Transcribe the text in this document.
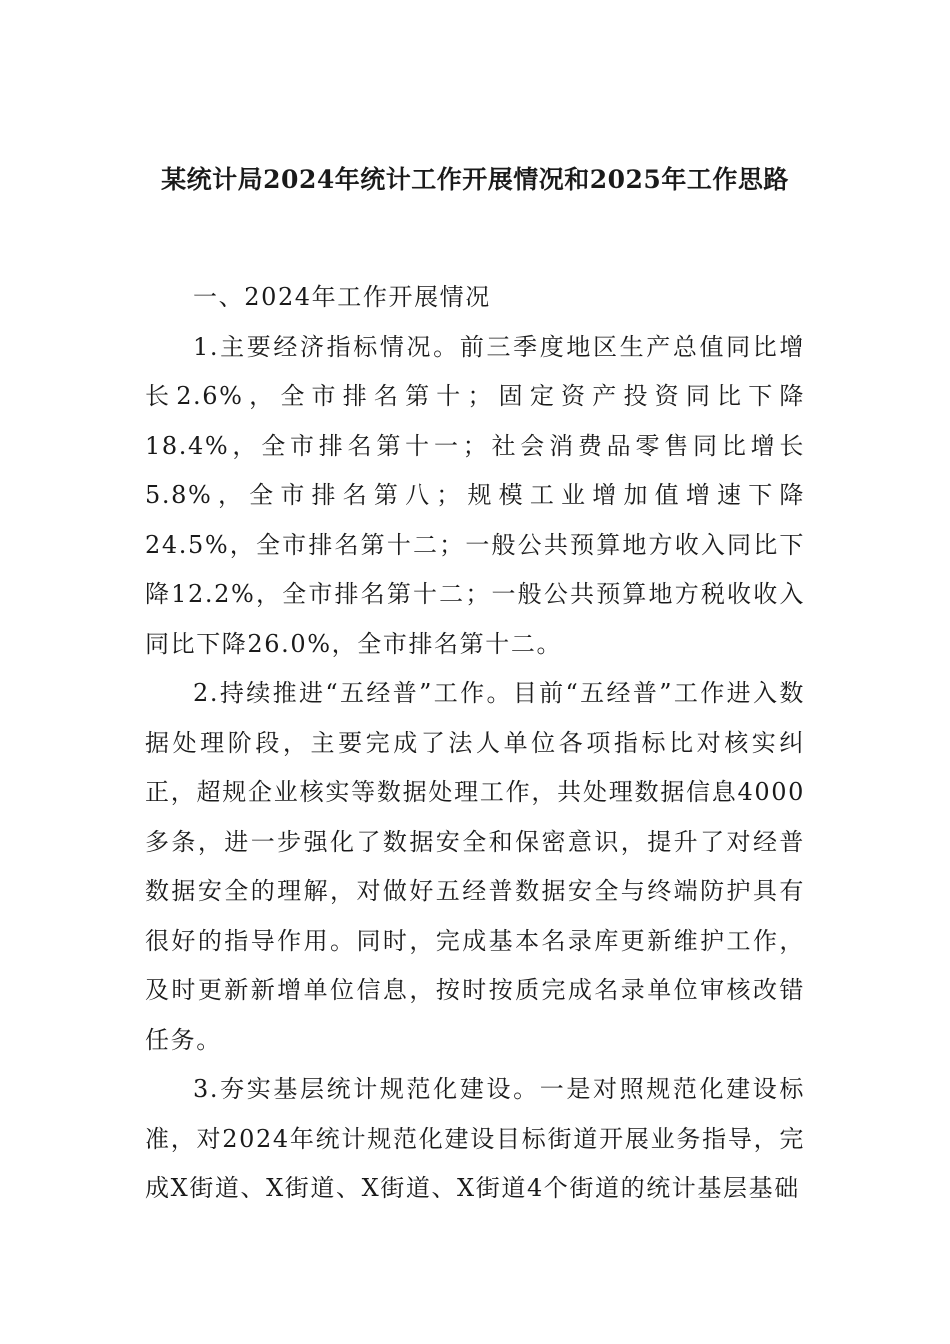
某统计局2024年统计工作开展情况和2025年工作思路

一、2024年工作开展情况

1.主要经济指标情况。前三季度地区生产总值同比增长2.6%，全市排名第十；固定资产投资同比下降18.4%，全市排名第十一；社会消费品零售同比增长5.8%，全市排名第八；规模工业增加值增速下降24.5%，全市排名第十二；一般公共预算地方收入同比下降12.2%，全市排名第十二；一般公共预算地方税收收入同比下降26.0%，全市排名第十二。

2.持续推进“五经普”工作。目前“五经普”工作进入数据处理阶段，主要完成了法人单位各项指标比对核实纠正，超规企业核实等数据处理工作，共处理数据信息4000多条，进一步强化了数据安全和保密意识，提升了对经普数据安全的理解，对做好五经普数据安全与终端防护具有很好的指导作用。同时，完成基本名录库更新维护工作，及时更新新增单位信息，按时按质完成名录单位审核改错任务。

3.夯实基层统计规范化建设。一是对照规范化建设标准，对2024年统计规范化建设目标街道开展业务指导，完成X街道、X街道、X街道、X街道4个街道的统计基层基础
